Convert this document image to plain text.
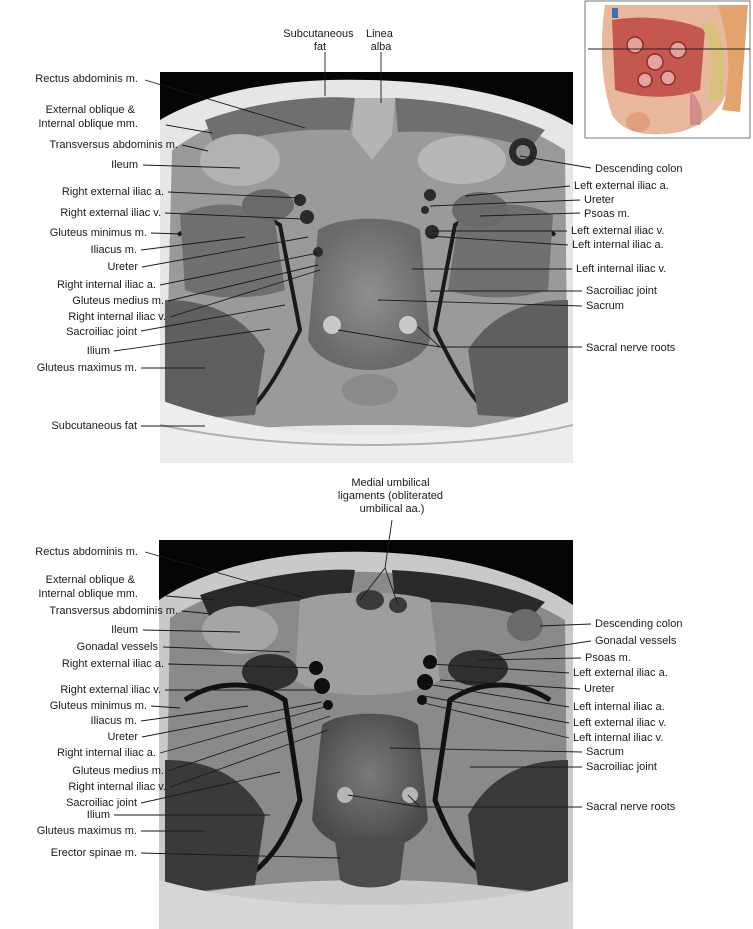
Subcutaneous fat
Linea alba
Rectus abdominis m.
External oblique & Internal oblique mm.
Transversus abdominis m.
Ileum
Right external iliac a.
Right external iliac v.
Gluteus minimus m.
Iliacus m.
Ureter
Right internal iliac a.
Gluteus medius m.
Right internal iliac v.
Sacroiliac joint
Ilium
Gluteus maximus m.
Subcutaneous fat
Descending colon
Left external iliac a.
Ureter
Psoas m.
Left external iliac v.
Left internal iliac a.
Left internal iliac v.
Sacroiliac joint
Sacrum
Sacral nerve roots
Medial umbilical ligaments (obliterated umbilical aa.)
Rectus abdominis m.
External oblique & Internal oblique mm.
Transversus abdominis m.
Ileum
Gonadal vessels
Right external iliac a.
Right external iliac v.
Gluteus minimus m.
Iliacus m.
Ureter
Right internal iliac a.
Gluteus medius m.
Right internal iliac v.
Sacroiliac joint
Ilium
Gluteus maximus m.
Erector spinae m.
Descending colon
Gonadal vessels
Psoas m.
Left external iliac a.
Ureter
Left internal iliac a.
Left external iliac v.
Left internal iliac v.
Sacrum
Sacroiliac joint
Sacral nerve roots
